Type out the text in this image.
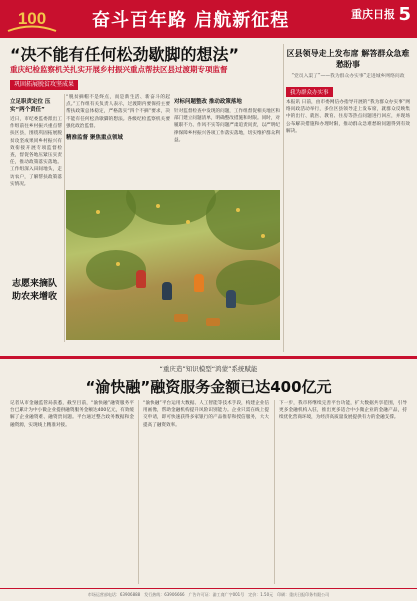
100	奋斗百年路 启航新征程	重庆日报 5
“决不能有任何松劲歇脚的想法”
重庆纪检监察机关扎实开展乡村振兴重点帮扶区县过渡期专项监督
巩固拓展脱贫攻坚成果
立足职责定位 压实“两个责任”
近日，市纪委监委派出工作组前往乡村振兴重点帮扶区县，围绕巩固拓展脱贫攻坚成果同乡村振兴有效衔接开展专项监督检查，督促各地压紧压实责任，推动政策落实落地。工作组深入田间地头，走访农户，了解帮扶政策落实情况。
“脱贫摘帽不是终点，而是新生活、新奋斗的起点。”工作组有关负责人表示，过渡期内要保持主要帮扶政策总体稳定，严格落实“四个不摘”要求，决不能有任何松劲歇脚的想法。各级纪检监察机关要强化政治监督。
精准监督 聚焦重点领域
对标问题整改 推动政策落地
针对监督检查中发现的问题，工作组督促相关地区和部门建立问题清单，明确整改措施和时限。同时，对履职不力、作风不实等问题严肃追责问责，以严明纪律保障乡村振兴各项工作落实落地，切实维护群众利益。
志愿来摘队 助农来增收
区县领导走上发布席 解答群众急难愁盼事
“党员入渠了”——我为群众办实事”走进城乡网络问政
我为群众办实事
本报讯 日前，由市委网信办指导开展的“我为群众办实事”网络问政活动举行，多位区县领导走上发布席，就群众反映集中的出行、就医、教育、住房等热点问题进行回应，并现场公布解决措施和办理时限，推动群众急难愁盼问题得到有效解决。
“重庆造”知识模型“鸿蒙”系统赋能
“渝快融”融资服务金额已达400亿元
记者从市金融监管局获悉，截至目前，“渝快融”融资服务平台已累计为中小微企业提供融资服务金额达400亿元，有效缓解了企业融资难、融资贵问题。平台通过整合政务数据和金融资源，实现线上精准对接。
“渝快融”平台运用大数据、人工智能等技术手段，构建企业信用画像，帮助金融机构提升风险识别能力。企业只需在线上提交申请，即可快速获得多家银行的产品推荐和授信服务，大大提高了融资效率。
下一步，我市将继续完善平台功能，扩大数据共享范围，引导更多金融机构入驻，推出更多适合中小微企业的金融产品，持续优化营商环境，为经济高质量发展提供有力的金融支撑。
市场运营部电话：63906888　发行热线：63906666　广告许可证：渝工商广字001号　定价：1.50元　印刷：重庆日报印务有限公司
